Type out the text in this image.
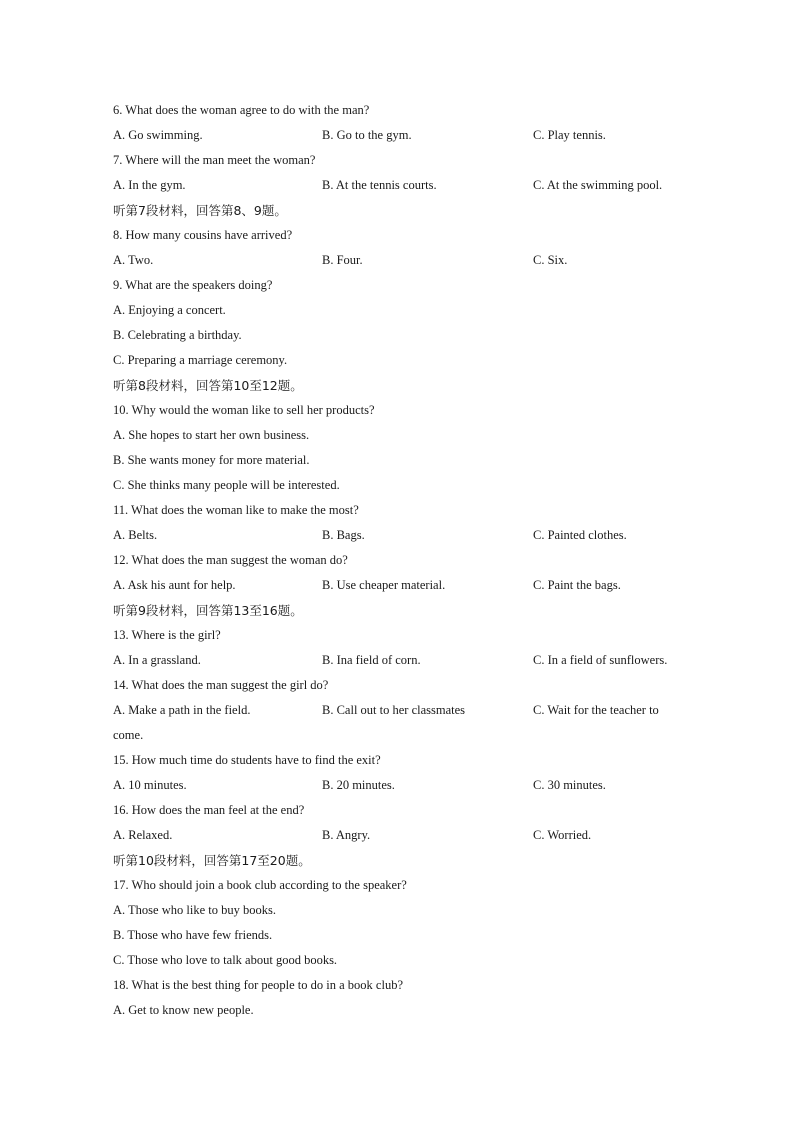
6. What does the woman agree to do with the man?
A. Go swimming.	B. Go to the gym.	C. Play tennis.
7. Where will the man meet the woman?
A. In the gym.	B. At the tennis courts.	C. At the swimming pool.
听第7段材料，回答第8、9题。
8. How many cousins have arrived?
A. Two.	B. Four.	C. Six.
9. What are the speakers doing?
A. Enjoying a concert.
B. Celebrating a birthday.
C. Preparing a marriage ceremony.
听第8段材料，回答第10至12题。
10. Why would the woman like to sell her products?
A. She hopes to start her own business.
B. She wants money for more material.
C. She thinks many people will be interested.
11. What does the woman like to make the most?
A. Belts.	B. Bags.	C. Painted clothes.
12. What does the man suggest the woman do?
A. Ask his aunt for help.	B. Use cheaper material.	C. Paint the bags.
听第9段材料，回答第13至16题。
13. Where is the girl?
A. In a grassland.	B. Ina field of corn.	C. In a field of sunflowers.
14. What does the man suggest the girl do?
A. Make a path in the field.	B. Call out to her classmates	C. Wait for the teacher to
come.
15. How much time do students have to find the exit?
A. 10 minutes.	B. 20 minutes.	C. 30 minutes.
16. How does the man feel at the end?
A. Relaxed.	B. Angry.	C. Worried.
听第10段材料，回答第17至20题。
17. Who should join a book club according to the speaker?
A. Those who like to buy books.
B. Those who have few friends.
C. Those who love to talk about good books.
18. What is the best thing for people to do in a book club?
A. Get to know new people.
